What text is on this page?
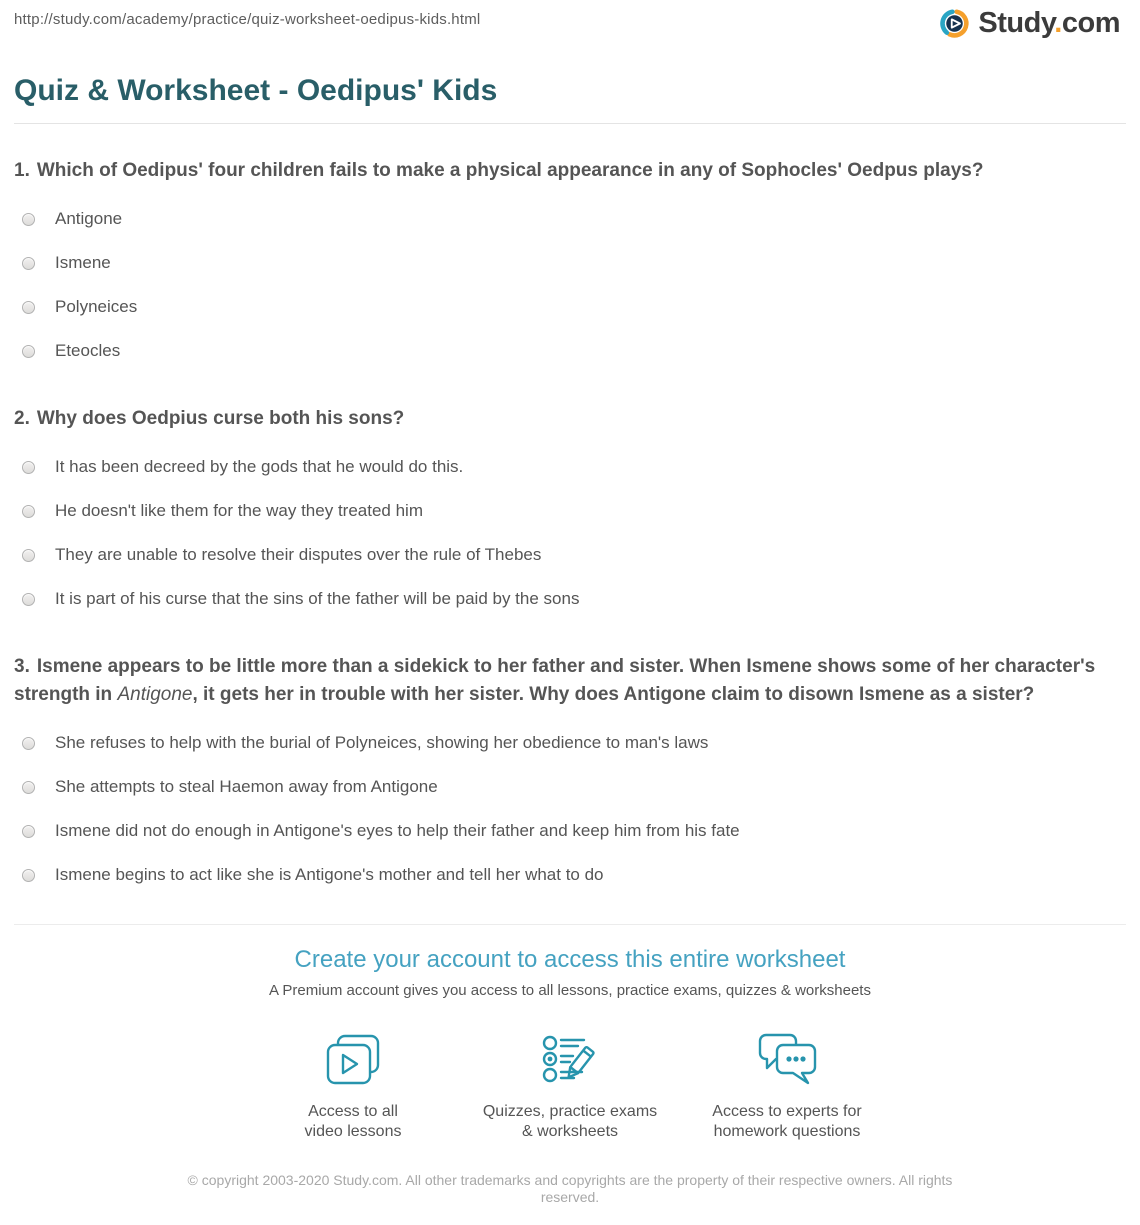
http://study.com/academy/practice/quiz-worksheet-oedipus-kids.html	Study.com
Quiz & Worksheet - Oedipus' Kids
1. Which of Oedipus' four children fails to make a physical appearance in any of Sophocles' Oedpus plays?
Antigone
Ismene
Polyneices
Eteocles
2. Why does Oedpius curse both his sons?
It has been decreed by the gods that he would do this.
He doesn't like them for the way they treated him
They are unable to resolve their disputes over the rule of Thebes
It is part of his curse that the sins of the father will be paid by the sons
3. Ismene appears to be little more than a sidekick to her father and sister. When Ismene shows some of her character's strength in Antigone, it gets her in trouble with her sister. Why does Antigone claim to disown Ismene as a sister?
She refuses to help with the burial of Polyneices, showing her obedience to man's laws
She attempts to steal Haemon away from Antigone
Ismene did not do enough in Antigone's eyes to help their father and keep him from his fate
Ismene begins to act like she is Antigone's mother and tell her what to do
Create your account to access this entire worksheet
A Premium account gives you access to all lessons, practice exams, quizzes & worksheets
Access to all
video lessons
Quizzes, practice exams
& worksheets
Access to experts for
homework questions
© copyright 2003-2020 Study.com. All other trademarks and copyrights are the property of their respective owners. All rights reserved.
